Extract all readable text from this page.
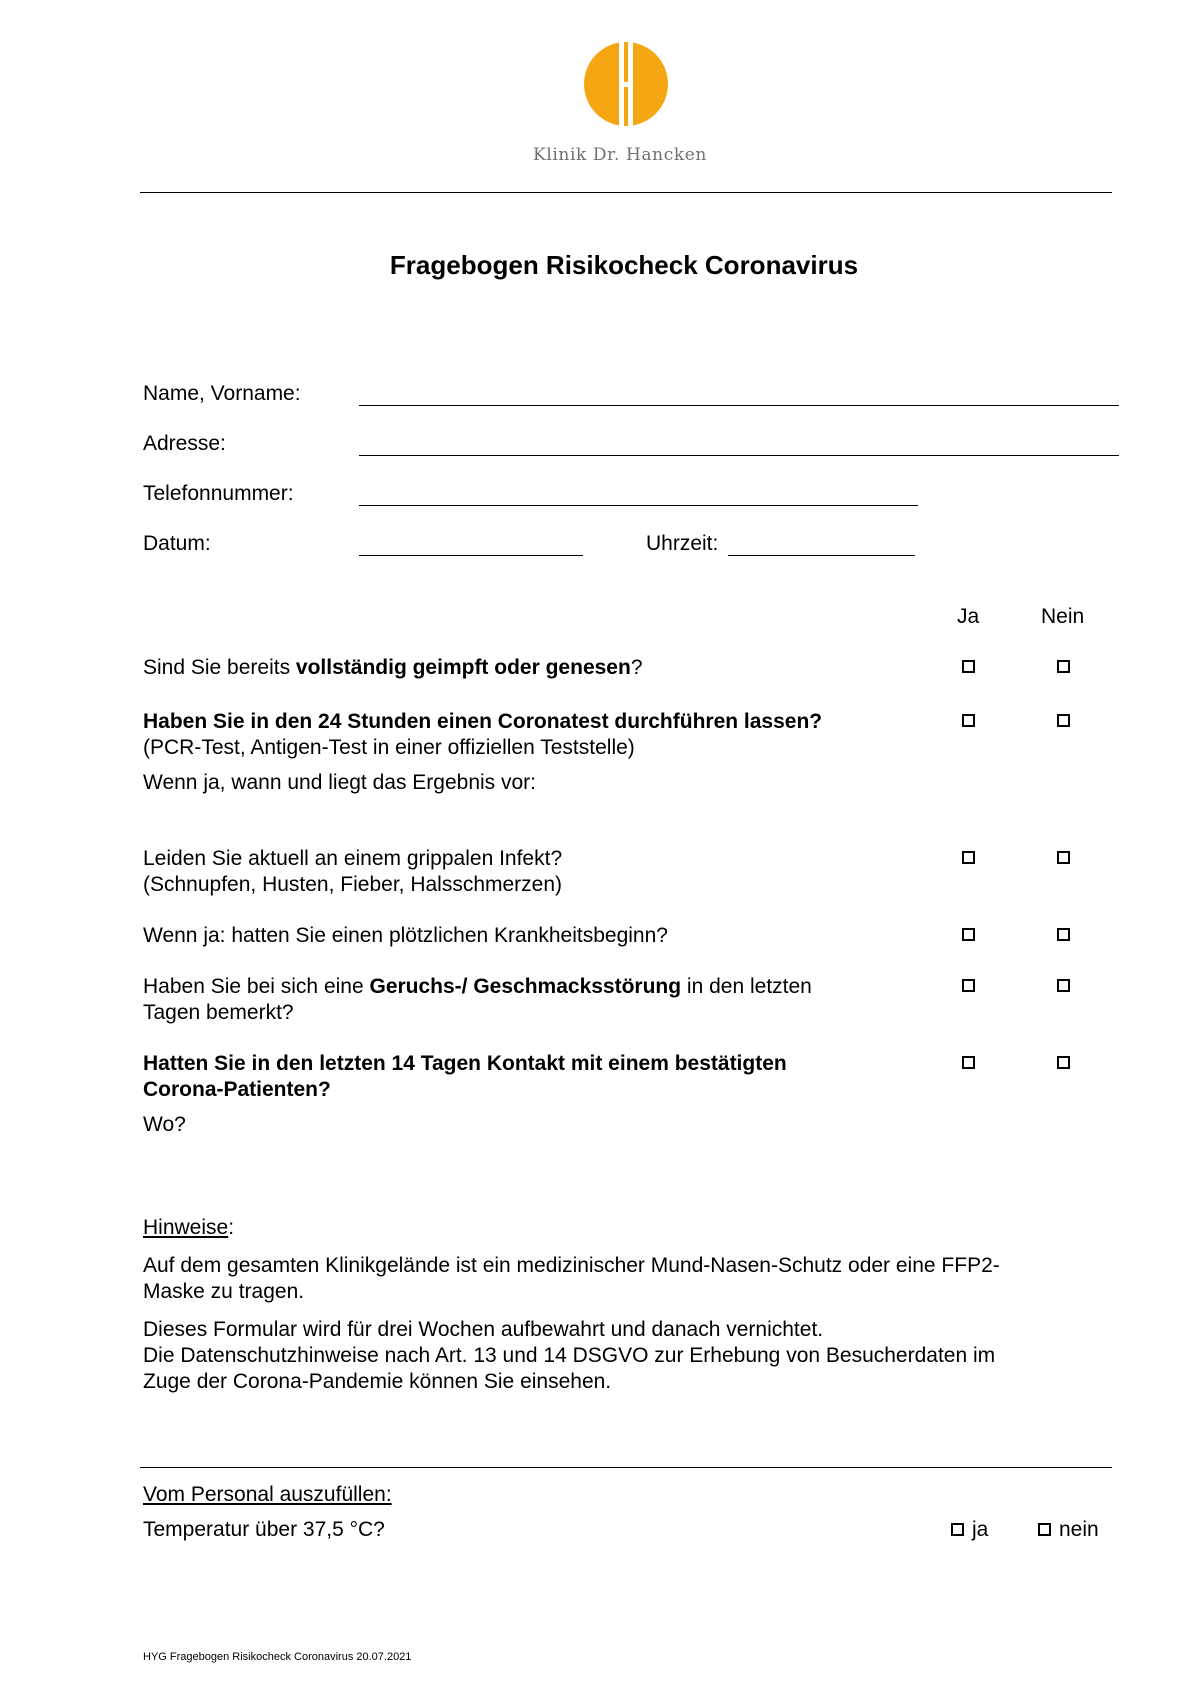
Klinik Dr. Hancken
Fragebogen Risikocheck Coronavirus
Name, Vorname:
Adresse:
Telefonnummer:
Datum:	Uhrzeit:
Ja	Nein
Sind Sie bereits vollständig geimpft oder genesen?
Haben Sie in den 24 Stunden einen Coronatest durchführen lassen?
(PCR-Test, Antigen-Test in einer offiziellen Teststelle)
Wenn ja, wann und liegt das Ergebnis vor:
Leiden Sie aktuell an einem grippalen Infekt?
(Schnupfen, Husten, Fieber, Halsschmerzen)
Wenn ja: hatten Sie einen plötzlichen Krankheitsbeginn?
Haben Sie bei sich eine Geruchs-/ Geschmacksstörung in den letzten
Tagen bemerkt?
Hatten Sie in den letzten 14 Tagen Kontakt mit einem bestätigten
Corona-Patienten?
Wo?
Hinweise:
Auf dem gesamten Klinikgelände ist ein medizinischer Mund-Nasen-Schutz oder eine FFP2-
Maske zu tragen.
Dieses Formular wird für drei Wochen aufbewahrt und danach vernichtet.
Die Datenschutzhinweise nach Art. 13 und 14 DSGVO zur Erhebung von Besucherdaten im
Zuge der Corona-Pandemie können Sie einsehen.
Vom Personal auszufüllen:
Temperatur über 37,5 °C?	ja	nein
HYG Fragebogen Risikocheck Coronavirus 20.07.2021
